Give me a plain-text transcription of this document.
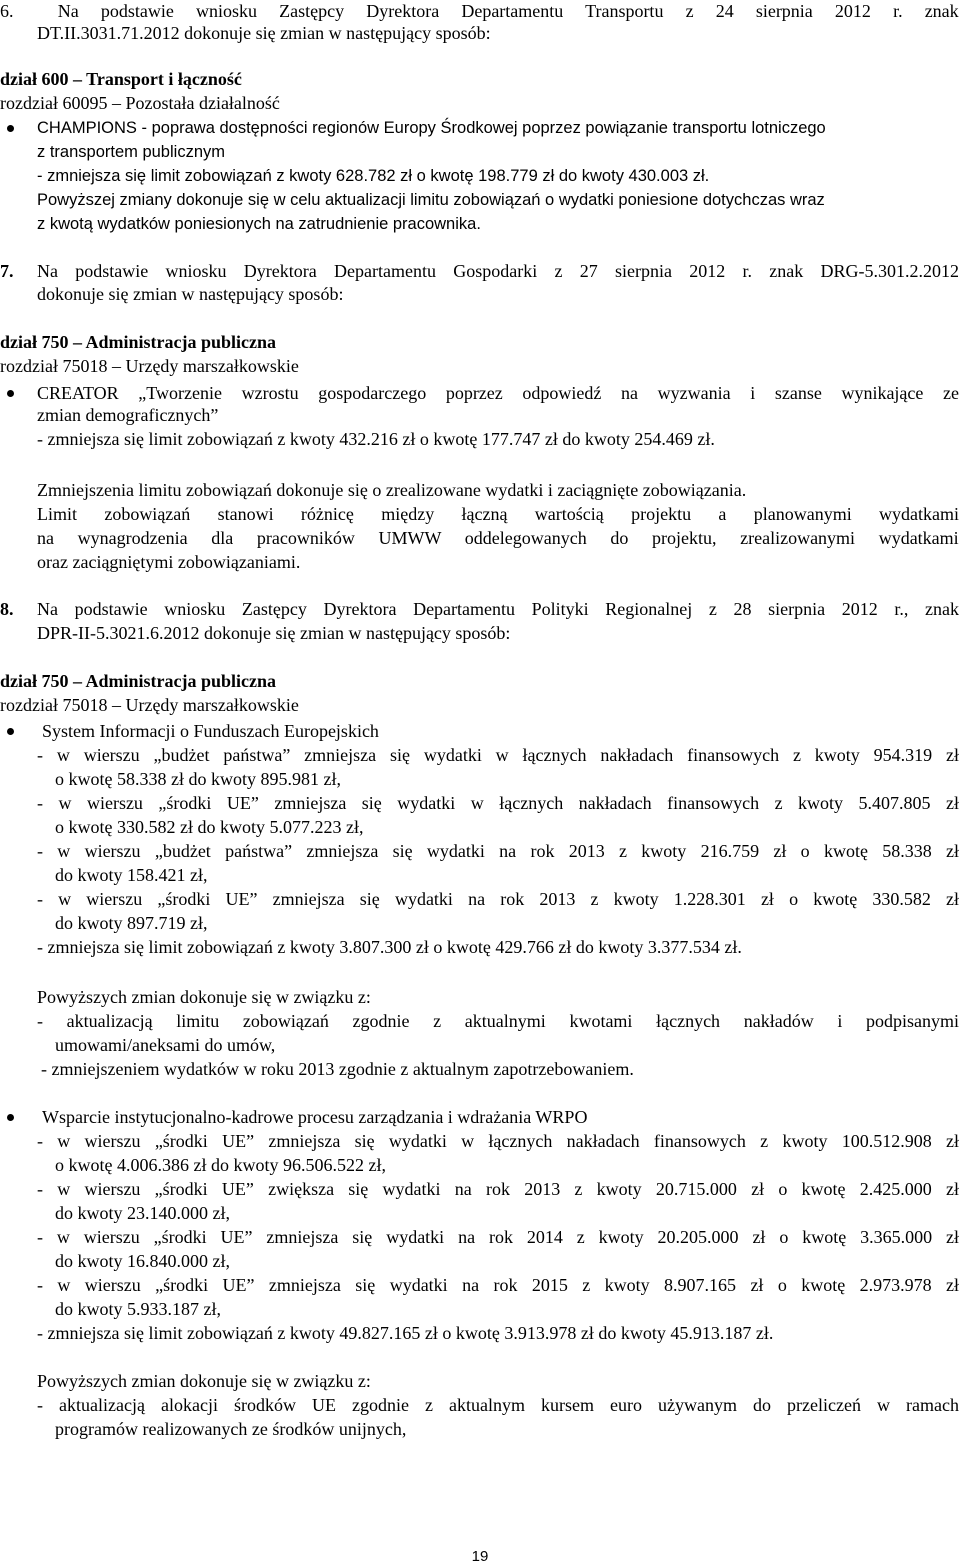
6.  Na podstawie wniosku Zastępcy Dyrektora Departamentu Transportu z 24 sierpnia 2012 r. znak
DT.II.3031.71.2012 dokonuje się zmian w następujący sposób:
dział 600 – Transport i łączność
rozdział 60095 – Pozostała działalność
CHAMPIONS - poprawa dostępności regionów Europy Środkowej poprzez powiązanie transportu lotniczego
z transportem publicznym
- zmniejsza się limit zobowiązań z kwoty 628.782 zł o kwotę 198.779 zł do kwoty 430.003 zł.
Powyższej zmiany dokonuje się w celu aktualizacji limitu zobowiązań o wydatki poniesione dotychczas wraz
z kwotą wydatków poniesionych na zatrudnienie pracownika.
7. Na podstawie wniosku Dyrektora Departamentu Gospodarki z 27 sierpnia 2012 r. znak DRG-5.301.2.2012
dokonuje się zmian w następujący sposób:
dział 750 – Administracja publiczna
rozdział 75018 – Urzędy marszałkowskie
CREATOR „Tworzenie wzrostu gospodarczego poprzez odpowiedź na wyzwania i szanse wynikające ze
zmian demograficznych”
- zmniejsza się limit zobowiązań z kwoty 432.216 zł o kwotę 177.747 zł do kwoty 254.469 zł.
Zmniejszenia limitu zobowiązań dokonuje się o zrealizowane wydatki i zaciągnięte zobowiązania.
Limit zobowiązań stanowi różnicę między łączną wartością projektu a planowanymi wydatkami
na wynagrodzenia dla pracowników UMWW oddelegowanych do projektu, zrealizowanymi wydatkami
oraz zaciągniętymi zobowiązaniami.
8. Na podstawie wniosku Zastępcy Dyrektora Departamentu Polityki Regionalnej z 28 sierpnia 2012 r., znak
DPR-II-5.3021.6.2012 dokonuje się zmian w następujący sposób:
dział 750 – Administracja publiczna
rozdział 75018 – Urzędy marszałkowskie
System Informacji o Funduszach Europejskich
- w wierszu „budżet państwa” zmniejsza się wydatki w łącznych nakładach finansowych z kwoty 954.319 zł
o kwotę 58.338 zł do kwoty 895.981 zł,
- w wierszu „środki UE” zmniejsza się wydatki w łącznych nakładach finansowych z kwoty 5.407.805 zł
o kwotę 330.582 zł do kwoty 5.077.223 zł,
- w wierszu „budżet państwa” zmniejsza się wydatki na rok 2013 z kwoty 216.759 zł o kwotę 58.338 zł
do kwoty 158.421 zł,
- w wierszu „środki UE” zmniejsza się wydatki na rok 2013 z kwoty 1.228.301 zł o kwotę 330.582 zł
do kwoty 897.719 zł,
- zmniejsza się limit zobowiązań z kwoty 3.807.300 zł o kwotę 429.766 zł do kwoty 3.377.534 zł.
Powyższych zmian dokonuje się w związku z:
- aktualizacją limitu zobowiązań zgodnie z aktualnymi kwotami łącznych nakładów i podpisanymi
umowami/aneksami do umów,
- zmniejszeniem wydatków w roku 2013 zgodnie z aktualnym zapotrzebowaniem.
Wsparcie instytucjonalno-kadrowe procesu zarządzania i wdrażania WRPO
- w wierszu „środki UE” zmniejsza się wydatki w łącznych nakładach finansowych z kwoty 100.512.908 zł
o kwotę 4.006.386 zł do kwoty 96.506.522 zł,
- w wierszu „środki UE” zwiększa się wydatki na rok 2013 z kwoty 20.715.000 zł o kwotę 2.425.000 zł
do kwoty 23.140.000 zł,
- w wierszu „środki UE” zmniejsza się wydatki na rok 2014 z kwoty 20.205.000 zł o kwotę 3.365.000 zł
do kwoty 16.840.000 zł,
- w wierszu „środki UE” zmniejsza się wydatki na rok 2015 z kwoty 8.907.165 zł o kwotę 2.973.978 zł
do kwoty 5.933.187 zł,
- zmniejsza się limit zobowiązań z kwoty 49.827.165 zł o kwotę 3.913.978 zł do kwoty 45.913.187 zł.
Powyższych zmian dokonuje się w związku z:
- aktualizacją alokacji środków UE zgodnie z aktualnym kursem euro używanym do przeliczeń w ramach
programów realizowanych ze środków unijnych,
19
